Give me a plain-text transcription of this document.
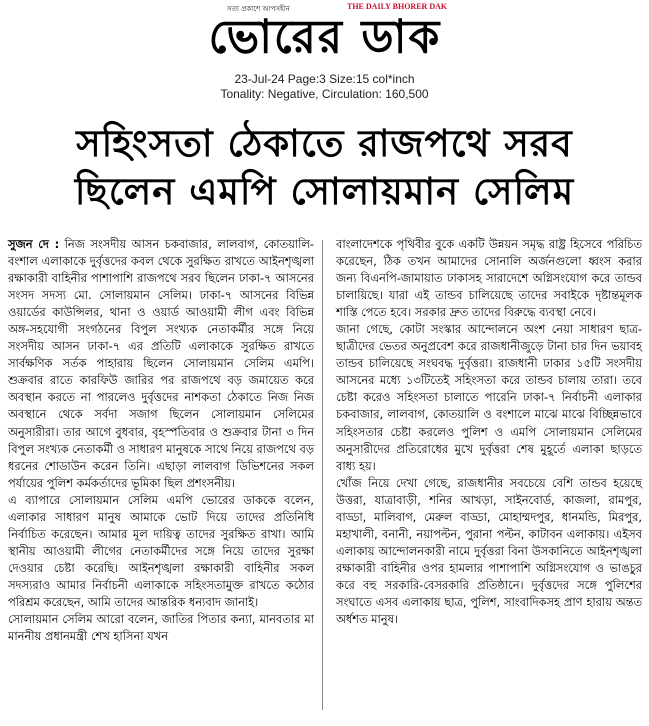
সত্য প্রকাশে আপসহীন	THE DAILY BHORER DAK
ভোরের ডাক
23-Jul-24 Page:3 Size:15 col*inch
Tonality: Negative, Circulation: 160,500
সহিংসতা ঠেকাতে রাজপথে সরব
ছিলেন এমপি সোলায়মান সেলিম

সুজন দে : নিজ সংসদীয় আসন চকবাজার, লালবাগ, কোতয়ালি-বংশাল এলাকাকে দুর্বৃত্তদের কবল থেকে সুরক্ষিত রাখতে আইনশৃঙ্খলা রক্ষাকারী বাহিনীর পাশাপাশি রাজপথে সরব ছিলেন ঢাকা-৭ আসনের সংসদ সদস্য মো. সোলায়মান সেলিম। ঢাকা-৭ আসনের বিভিন্ন ওয়ার্ডের কাউন্সিলর, থানা ও ওয়ার্ড আওয়ামী লীগ এবং বিভিন্ন অঙ্গ-সহযোগী সংগঠনের বিপুল সংখ্যক নেতাকর্মীর সঙ্গে নিয়ে সংসদীয় আসন ঢাকা-৭ এর প্রতিটি এলাকাকে সুরক্ষিত রাখতে সার্বক্ষণিক সর্তক পাহারায় ছিলেন সোলায়মান সেলিম এমপি। শুক্রবার রাতে কারফিউ জারির পর রাজপথে বড় জমায়েত করে অবস্থান করতে না পারলেও দুর্বৃত্তদের নাশকতা ঠেকাতে নিজ নিজ অবস্থানে থেকে সর্বদা সজাগ ছিলেন সোলায়মান সেলিমের অনুসারীরা। তার আগে বুধবার, বৃহস্পতিবার ও শুক্রবার টানা ৩ দিন বিপুল সংখ্যক নেতাকর্মী ও সাধারণ মানুষকে সাথে নিয়ে রাজপথে বড় ধরনের শোডাউন করেন তিনি। এছাড়া লালবাগ ডিভিশনের সকল পর্যায়ের পুলিশ কর্মকর্তাদের ভূমিকা ছিল প্রশংসনীয়।

এ ব্যাপারে সোলায়মান সেলিম এমপি ভোরের ডাককে বলেন, এলাকার সাধারণ মানুষ আমাকে ভোট দিয়ে তাদের প্রতিনিধি নির্বাচিত করেছেন। আমার মূল দায়িত্ব তাদের সুরক্ষিত রাখা। আমি স্থানীয় আওয়ামী লীগের নেতাকর্মীদের সঙ্গে নিয়ে তাদের সুরক্ষা দেওয়ার চেষ্টা করেছি। আইনশৃঙ্খলা রক্ষাকারী বাহিনীর সকল সদস্যরাও আমার নির্বাচনী এলাকাকে সহিংসতামুক্ত রাখতে কঠোর পরিশ্রম করেছেন, আমি তাদের আন্তরিক ধন্যবাদ জানাই।

সোলায়মান সেলিম আরো বলেন, জাতির পিতার কন্যা, মানবতার মা মাননীয় প্রধানমন্ত্রী শেখ হাসিনা যখন

বাংলাদেশকে পৃথিবীর বুকে একটি উন্নয়ন সমৃদ্ধ রাষ্ট্র হিসেবে পরিচিত করেছেন, ঠিক তখন আমাদের সোনালি অর্জনগুলো ধ্বংস করার জন্য বিএনপি-জামায়াত ঢাকাসহ সারাদেশে অগ্নিসংযোগ করে তান্ডব চালায়িছে। যারা এই তান্ডব চালিয়েছে তাদের সবাইকে দৃষ্টান্তমূলক শাস্তি পেতে হবে। সরকার দ্রুত তাদের বিরুদ্ধে ব্যবস্থা নেবে।

জানা গেছে, কোটা সংস্কার আন্দোলনে অংশ নেয়া সাধারণ ছাত্র-ছাত্রীদের ভেতর অনুপ্রবেশ করে রাজধানীজুড়ে টানা চার দিন ভয়াবহ তান্ডব চালিয়েছে সংঘবদ্ধ দুর্বৃত্তরা। রাজধানী ঢাকার ১৫টি সংসদীয় আসনের মধ্যে ১৩টিতেই সহিংসতা করে তান্ডব চালায় তারা। তবে চেষ্টা করেও সহিংসতা চালাতে পারেনি ঢাকা-৭ নির্বাচনী এলাকার চকবাজার, লালবাগ, কোতয়ালি ও বংশালে মাঝে মাঝে বিচ্ছিন্নভাবে সহিংসতার চেষ্টা করলেও পুলিশ ও এমপি সোলায়মান সেলিমের অনুসারীদের প্রতিরোধের মুখে দুর্বৃত্তরা শেষ মুহূর্তে এলাকা ছাড়তে বাধ্য হয়।

খোঁজ নিয়ে দেখা গেছে, রাজধানীর সবচেয়ে বেশি তান্ডব হয়েছে উত্তরা, যাত্রাবাড়ী, শনির আখড়া, সাইনবোর্ড, কাজলা, রামপুর, বাড্ডা, মালিবাগ, মেরুল বাড্ডা, মোহাম্মদপুর, ধানমন্ডি, মিরপুর, মহাখালী, বনানী, নয়াপল্টন, পুরানা পল্টন, কাটাবন এলাকায়। এইসব এলাকায় আন্দোলনকারী নামে দুর্বৃত্তরা বিনা উসকানিতে আইনশৃঙ্খলা রক্ষাকারী বাহিনীর ওপর হামলার পাশাপাশি অগ্নিসংযোগ ও ভাঙচুর করে বহু সরকারি-বেসরকারি প্রতিষ্ঠানে। দুর্বৃত্তদের সঙ্গে পুলিশের সংঘাতে এসব এলাকায় ছাত্র, পুলিশ, সাংবাদিকসহ প্রাণ হারায় অন্তত অর্ধশত মানুষ।
